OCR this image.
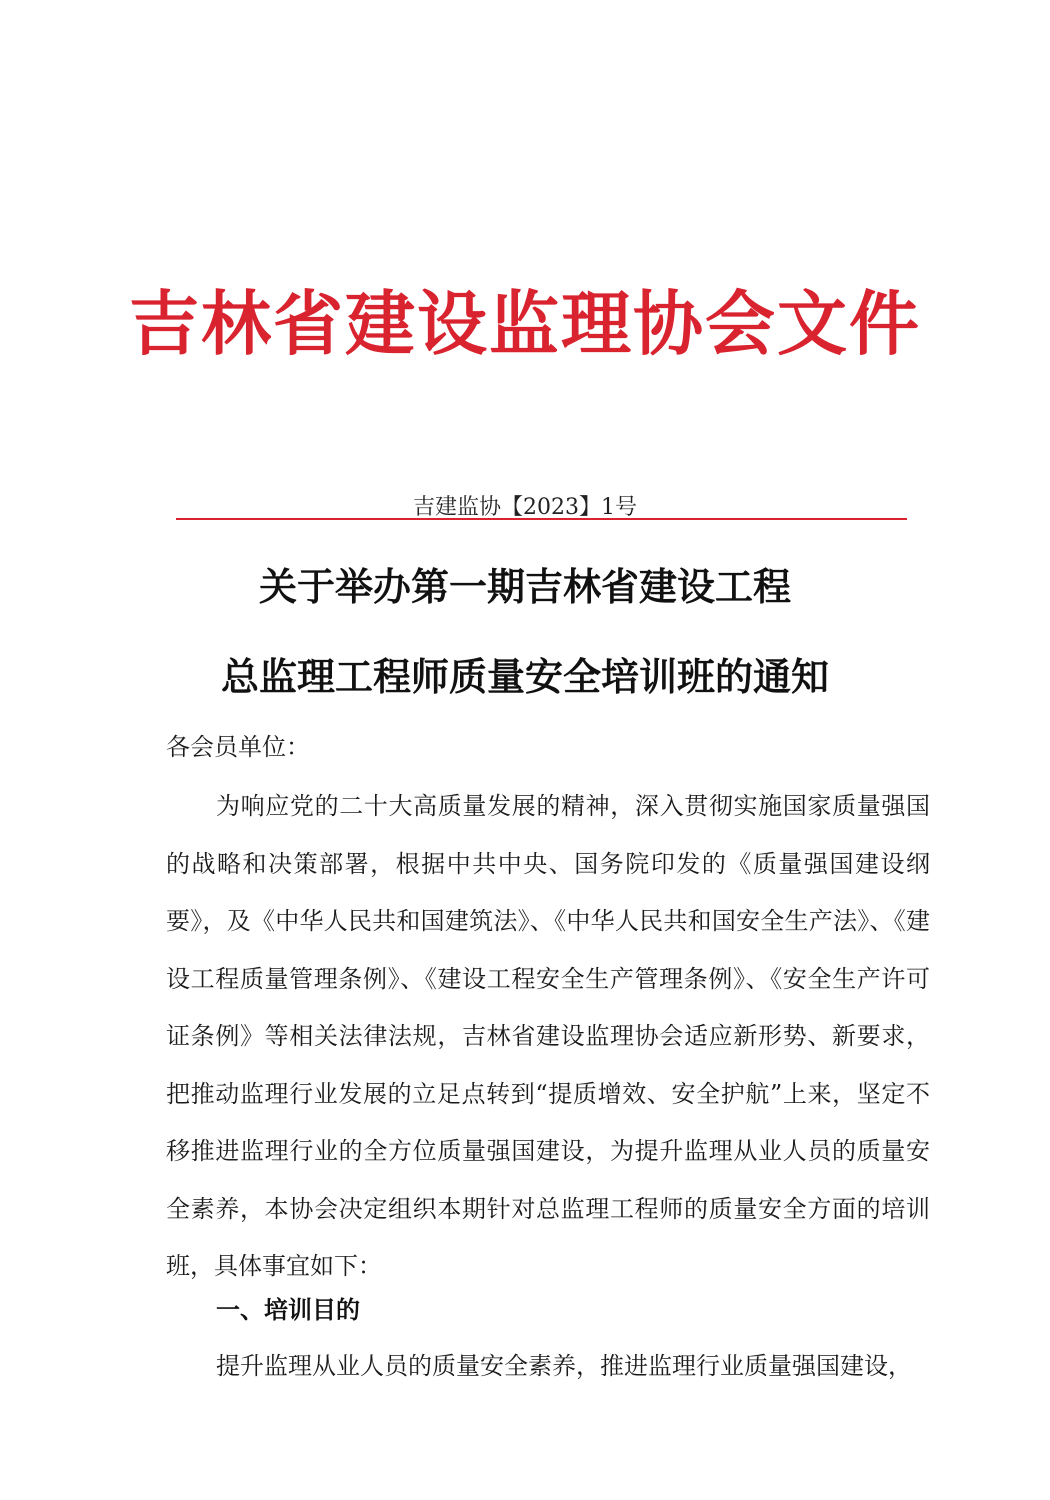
吉林省建设监理协会文件
吉建监协【2023】1号
关于举办第一期吉林省建设工程
总监理工程师质量安全培训班的通知
各会员单位：

为响应党的二十大高质量发展的精神，深入贯彻实施国家质量强国的战略和决策部署，根据中共中央、国务院印发的《质量强国建设纲要》，及《中华人民共和国建筑法》、《中华人民共和国安全生产法》、《建设工程质量管理条例》、《建设工程安全生产管理条例》、《安全生产许可证条例》等相关法律法规，吉林省建设监理协会适应新形势、新要求，把推动监理行业发展的立足点转到“提质增效、安全护航”上来，坚定不移推进监理行业的全方位质量强国建设，为提升监理从业人员的质量安全素养，本协会决定组织本期针对总监理工程师的质量安全方面的培训班，具体事宜如下：

一、培训目的
提升监理从业人员的质量安全素养，推进监理行业质量强国建设，
